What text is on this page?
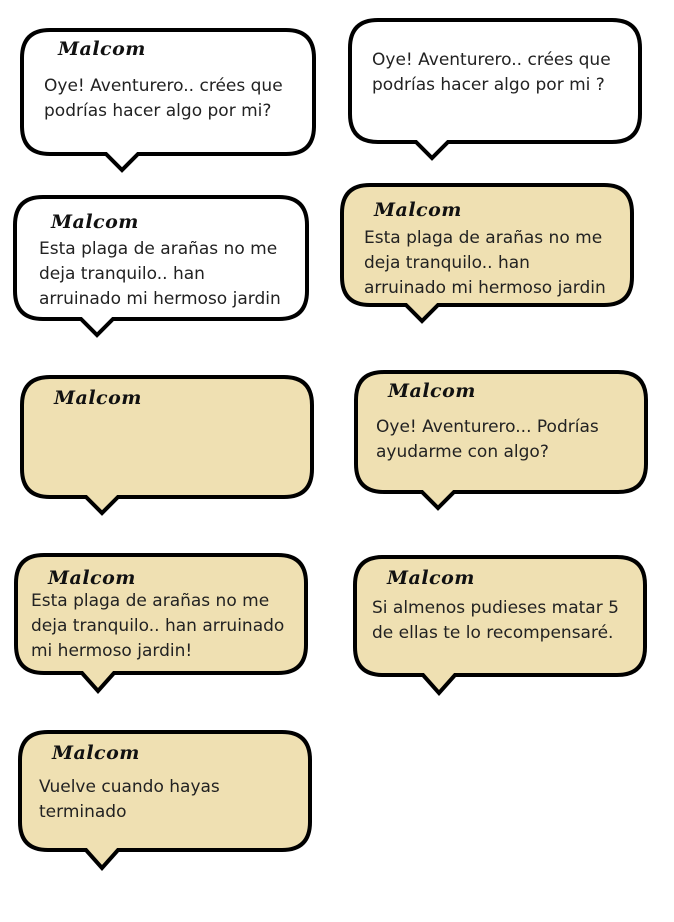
Malcom
Oye! Aventurero.. crées que
podrías hacer algo por mi?
Oye! Aventurero.. crées que
podrías hacer algo por mi ?
Malcom
Esta plaga de arañas no me
deja tranquilo.. han
arruinado mi hermoso jardin
Malcom
Esta plaga de arañas no me
deja tranquilo.. han
arruinado mi hermoso jardin
Malcom	Malcom
Oye! Aventurero... Podrías
ayudarme con algo?
Malcom
Esta plaga de arañas no me
deja tranquilo.. han arruinado
mi hermoso jardin!
Malcom
Si almenos pudieses matar 5
de ellas te lo recompensaré.
Malcom
Vuelve cuando hayas
terminado
